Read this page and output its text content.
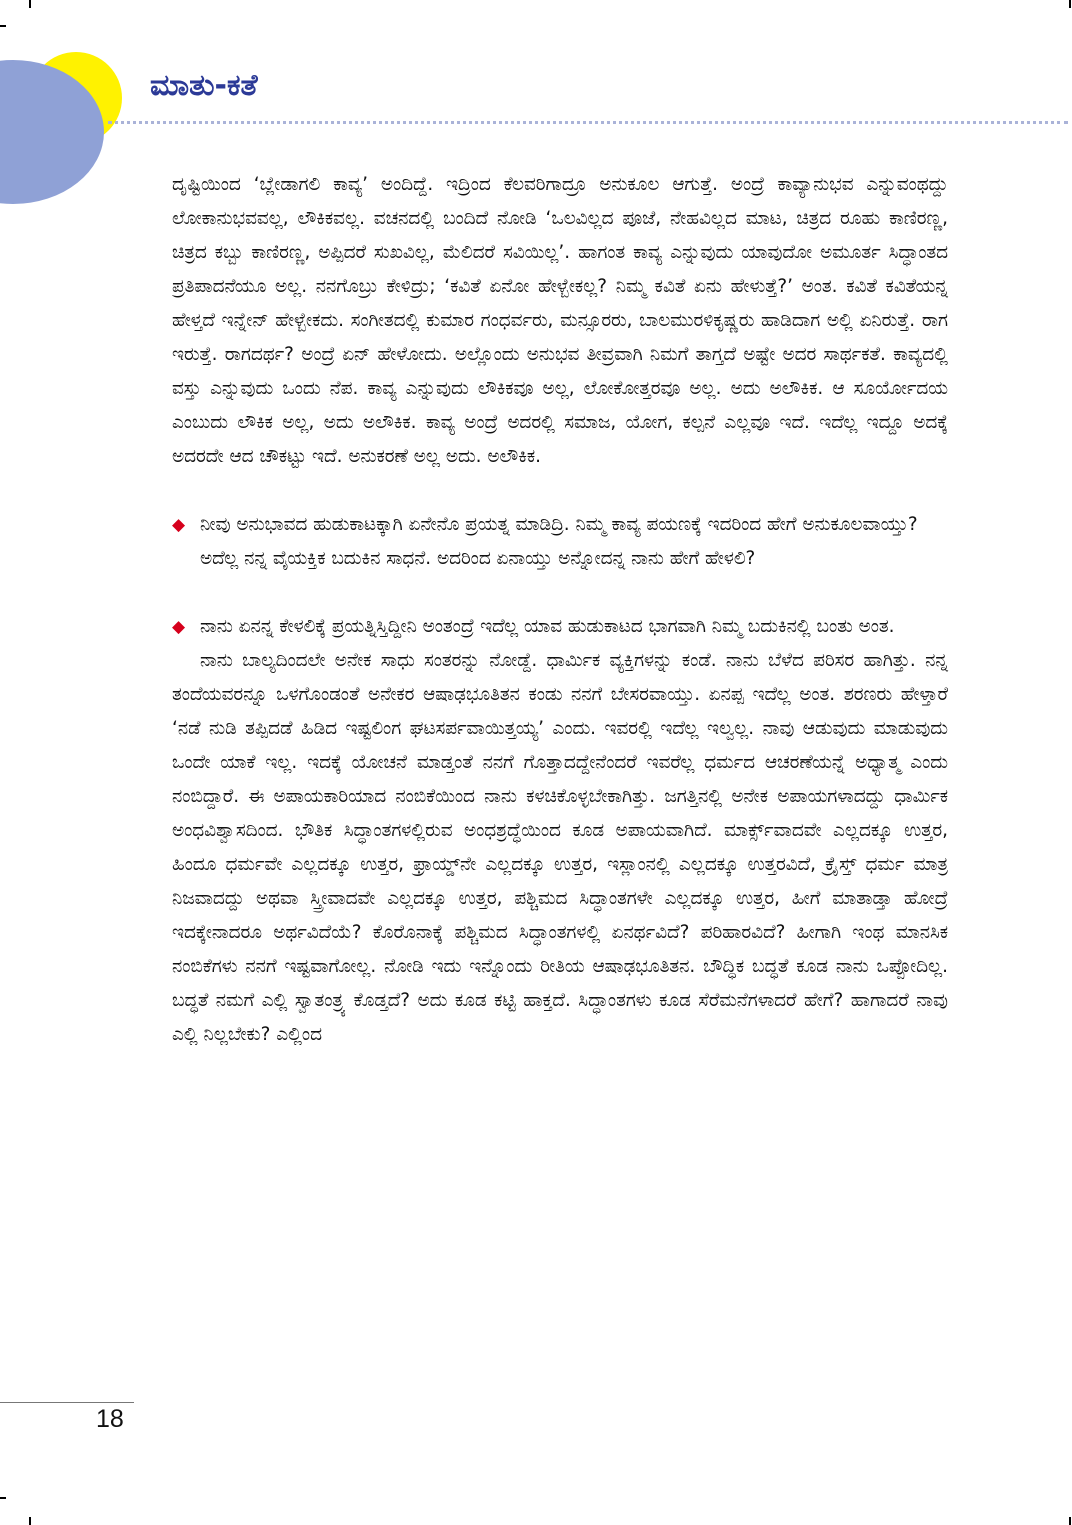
ಮಾತು-ಕತೆ

ದೃಷ್ಟಿಯಿಂದ ‘ಬ್ಲೇಡಾಗಲಿ ಕಾವ್ಯ’ ಅಂದಿದ್ದೆ. ಇದ್ರಿಂದ ಕೆಲವರಿಗಾದ್ರೂ ಅನುಕೂಲ ಆಗುತ್ತೆ. ಅಂದ್ರೆ ಕಾವ್ಯಾನುಭವ ಎನ್ನುವಂಥದ್ದು ಲೋಕಾನುಭವವಲ್ಲ, ಲೌಕಿಕವಲ್ಲ. ವಚನದಲ್ಲಿ ಬಂದಿದೆ ನೋಡಿ ‘ಒಲವಿಲ್ಲದ ಪೂಜೆ, ನೇಹವಿಲ್ಲದ ಮಾಟ, ಚಿತ್ರದ ರೂಹು ಕಾಣಿರಣ್ಣ, ಚಿತ್ರದ ಕಬ್ಬು ಕಾಣಿರಣ್ಣ, ಅಪ್ಪಿದರೆ ಸುಖವಿಲ್ಲ, ಮೆಲಿದರೆ ಸವಿಯಿಲ್ಲ’. ಹಾಗಂತ ಕಾವ್ಯ ಎನ್ನುವುದು ಯಾವುದೋ ಅಮೂರ್ತ ಸಿದ್ಧಾಂತದ ಪ್ರತಿಪಾದನೆಯೂ ಅಲ್ಲ. ನನಗೊಬ್ರು ಕೇಳಿದ್ರು; ‘ಕವಿತೆ ಏನೋ ಹೇಳ್ಬೇಕಲ್ಲ? ನಿಮ್ಮ ಕವಿತೆ ಏನು ಹೇಳುತ್ತೆ?’ ಅಂತ. ಕವಿತೆ ಕವಿತೆಯನ್ನ ಹೇಳ್ತದೆ ಇನ್ನೇನ್ ಹೇಳ್ಬೇಕದು. ಸಂಗೀತದಲ್ಲಿ ಕುಮಾರ ಗಂಧರ್ವರು, ಮನ್ಸೂರರು, ಬಾಲಮುರಳಿಕೃಷ್ಣರು ಹಾಡಿದಾಗ ಅಲ್ಲಿ ಏನಿರುತ್ತೆ. ರಾಗ ಇರುತ್ತೆ. ರಾಗದರ್ಥ? ಅಂದ್ರೆ ಏನ್ ಹೇಳೋದು. ಅಲ್ಲೊಂದು ಅನುಭವ ತೀವ್ರವಾಗಿ ನಿಮಗೆ ತಾಗ್ತದೆ ಅಷ್ಟೇ ಅದರ ಸಾರ್ಥಕತೆ. ಕಾವ್ಯದಲ್ಲಿ ವಸ್ತು ಎನ್ನುವುದು ಒಂದು ನೆಪ. ಕಾವ್ಯ ಎನ್ನುವುದು ಲೌಕಿಕವೂ ಅಲ್ಲ, ಲೋಕೋತ್ತರವೂ ಅಲ್ಲ. ಅದು ಅಲೌಕಿಕ. ಆ ಸೂರ್ಯೋದಯ ಎಂಬುದು ಲೌಕಿಕ ಅಲ್ಲ, ಅದು ಅಲೌಕಿಕ. ಕಾವ್ಯ ಅಂದ್ರೆ ಅದರಲ್ಲಿ ಸಮಾಜ, ಯೋಗ, ಕಲ್ಪನೆ ಎಲ್ಲವೂ ಇದೆ. ಇದೆಲ್ಲ ಇದ್ದೂ ಅದಕ್ಕೆ ಅದರದೇ ಆದ ಚೌಕಟ್ಟು ಇದೆ. ಅನುಕರಣೆ ಅಲ್ಲ ಅದು. ಅಲೌಕಿಕ.

◆ ನೀವು ಅನುಭಾವದ ಹುಡುಕಾಟಕ್ಕಾಗಿ ಏನೇನೊ ಪ್ರಯತ್ನ ಮಾಡಿದ್ರಿ. ನಿಮ್ಮ ಕಾವ್ಯ ಪಯಣಕ್ಕೆ ಇದರಿಂದ ಹೇಗೆ ಅನುಕೂಲವಾಯ್ತು?

ಅದೆಲ್ಲ ನನ್ನ ವೈಯಕ್ತಿಕ ಬದುಕಿನ ಸಾಧನೆ. ಅದರಿಂದ ಏನಾಯ್ತು ಅನ್ನೋದನ್ನ ನಾನು ಹೇಗೆ ಹೇಳಲಿ?

◆ ನಾನು ಏನನ್ನ ಕೇಳಲಿಕ್ಕೆ ಪ್ರಯತ್ನಿಸ್ತಿದ್ದೀನಿ ಅಂತಂದ್ರೆ ಇದೆಲ್ಲ ಯಾವ ಹುಡುಕಾಟದ ಭಾಗವಾಗಿ ನಿಮ್ಮ ಬದುಕಿನಲ್ಲಿ ಬಂತು ಅಂತ.

ನಾನು ಬಾಲ್ಯದಿಂದಲೇ ಅನೇಕ ಸಾಧು ಸಂತರನ್ನು ನೋಡ್ದೆ. ಧಾರ್ಮಿಕ ವ್ಯಕ್ತಿಗಳನ್ನು ಕಂಡೆ. ನಾನು ಬೆಳೆದ ಪರಿಸರ ಹಾಗಿತ್ತು. ನನ್ನ ತಂದೆಯವರನ್ನೂ ಒಳಗೊಂಡಂತೆ ಅನೇಕರ ಆಷಾಢಭೂತಿತನ ಕಂಡು ನನಗೆ ಬೇಸರವಾಯ್ತು. ಏನಪ್ಪ ಇದೆಲ್ಲ ಅಂತ. ಶರಣರು ಹೇಳ್ತಾರೆ ‘ನಡೆ ನುಡಿ ತಪ್ಪಿದಡೆ ಹಿಡಿದ ಇಷ್ಟಲಿಂಗ ಘಟಸರ್ಪವಾಯಿತ್ತಯ್ಯ’ ಎಂದು. ಇವರಲ್ಲಿ ಇದೆಲ್ಲ ಇಲ್ವಲ್ಲ. ನಾವು ಆಡುವುದು ಮಾಡುವುದು ಒಂದೇ ಯಾಕೆ ಇಲ್ಲ. ಇದಕ್ಕೆ ಯೋಚನೆ ಮಾಡ್ತಂತೆ ನನಗೆ ಗೊತ್ತಾದದ್ದೇನೆಂದರೆ ಇವರೆಲ್ಲ ಧರ್ಮದ ಆಚರಣೆಯನ್ನೆ ಅಧ್ಯಾತ್ಮ ಎಂದು ನಂಬಿದ್ದಾರೆ. ಈ ಅಪಾಯಕಾರಿಯಾದ ನಂಬಿಕೆಯಿಂದ ನಾನು ಕಳಚಿಕೊಳ್ಳಬೇಕಾಗಿತ್ತು. ಜಗತ್ತಿನಲ್ಲಿ ಅನೇಕ ಅಪಾಯಗಳಾದದ್ದು ಧಾರ್ಮಿಕ ಅಂಧವಿಶ್ವಾಸದಿಂದ. ಭೌತಿಕ ಸಿದ್ಧಾಂತಗಳಲ್ಲಿರುವ ಅಂಧಶ್ರದ್ಧೆಯಿಂದ ಕೂಡ ಅಪಾಯವಾಗಿದೆ. ಮಾರ್ಕ್ಸ್‌ವಾದವೇ ಎಲ್ಲದಕ್ಕೂ ಉತ್ತರ, ಹಿಂದೂ ಧರ್ಮವೇ ಎಲ್ಲದಕ್ಕೂ ಉತ್ತರ, ಫ್ರಾಯ್ಡ್‌ನೇ ಎಲ್ಲದಕ್ಕೂ ಉತ್ತರ, ಇಸ್ಲಾಂನಲ್ಲಿ ಎಲ್ಲದಕ್ಕೂ ಉತ್ತರವಿದೆ, ಕ್ರೈಸ್ತ್ ಧರ್ಮ ಮಾತ್ರ ನಿಜವಾದದ್ದು ಅಥವಾ ಸ್ತ್ರೀವಾದವೇ ಎಲ್ಲದಕ್ಕೂ ಉತ್ತರ, ಪಶ್ಚಿಮದ ಸಿದ್ಧಾಂತಗಳೇ ಎಲ್ಲದಕ್ಕೂ ಉತ್ತರ, ಹೀಗೆ ಮಾತಾಡ್ತಾ ಹೋದ್ರೆ ಇದಕ್ಕೇನಾದರೂ ಅರ್ಥವಿದೆಯೆ? ಕೊರೊನಾಕ್ಕೆ ಪಶ್ಚಿಮದ ಸಿದ್ಧಾಂತಗಳಲ್ಲಿ ಏನರ್ಥವಿದೆ? ಪರಿಹಾರವಿದೆ? ಹೀಗಾಗಿ ಇಂಥ ಮಾನಸಿಕ ನಂಬಿಕೆಗಳು ನನಗೆ ಇಷ್ಟವಾಗೋಲ್ಲ. ನೋಡಿ ಇದು ಇನ್ನೊಂದು ರೀತಿಯ ಆಷಾಢಭೂತಿತನ. ಬೌದ್ಧಿಕ ಬದ್ಧತೆ ಕೂಡ ನಾನು ಒಪ್ಪೋದಿಲ್ಲ. ಬದ್ಧತೆ ನಮಗೆ ಎಲ್ಲಿ ಸ್ವಾತಂತ್ರ್ಯ ಕೊಡ್ತದೆ? ಅದು ಕೂಡ ಕಟ್ಟಿ ಹಾಕ್ತದೆ. ಸಿದ್ಧಾಂತಗಳು ಕೂಡ ಸೆರೆಮನೆಗಳಾದರೆ ಹೇಗೆ? ಹಾಗಾದರೆ ನಾವು ಎಲ್ಲಿ ನಿಲ್ಲಬೇಕು? ಎಲ್ಲಿಂದ

18
